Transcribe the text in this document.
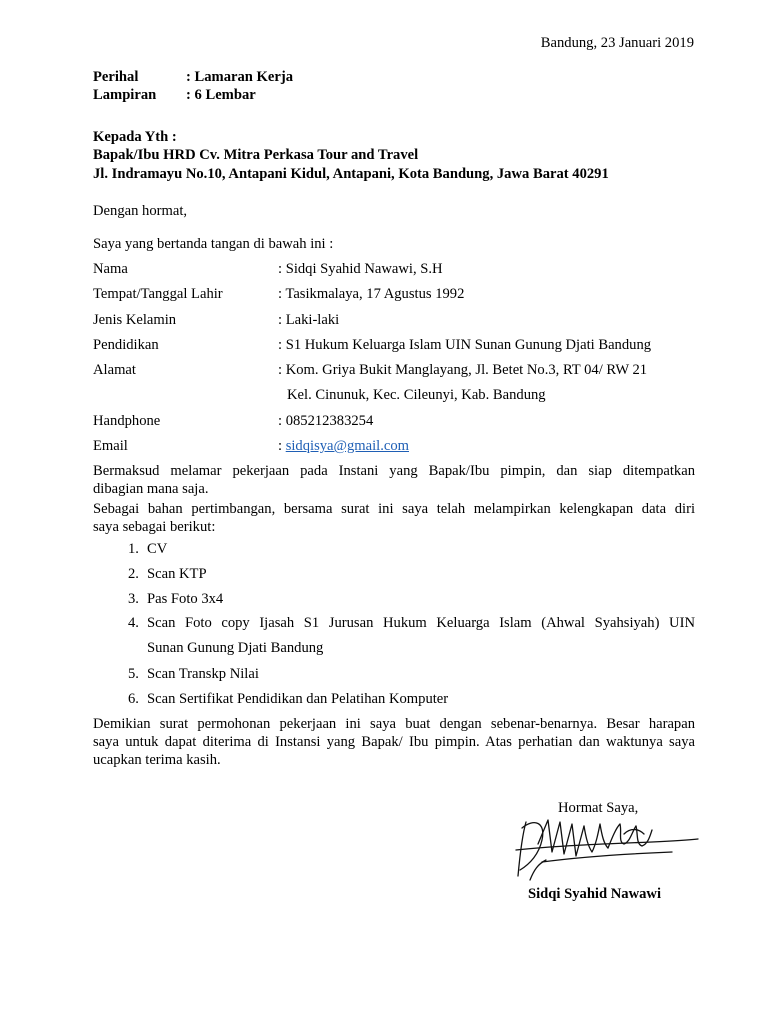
Bandung, 23 Januari 2019
Perihal	: Lamaran Kerja
Lampiran : 6 Lembar
Kepada Yth :
Bapak/Ibu HRD Cv. Mitra Perkasa Tour and Travel
Jl. Indramayu No.10, Antapani Kidul, Antapani, Kota Bandung, Jawa Barat 40291
Dengan hormat,
Saya yang bertanda tangan di bawah ini :
Nama	: Sidqi Syahid Nawawi, S.H
Tempat/Tanggal Lahir	: Tasikmalaya, 17 Agustus 1992
Jenis Kelamin	: Laki-laki
Pendidikan	: S1 Hukum Keluarga Islam UIN Sunan Gunung Djati Bandung
Alamat	: Kom. Griya Bukit Manglayang, Jl. Betet No.3, RT 04/ RW 21
Kel. Cinunuk, Kec. Cileunyi, Kab. Bandung
Handphone	: 085212383254
Email	: sidqisya@gmail.com
Bermaksud melamar pekerjaan pada Instani yang Bapak/Ibu pimpin, dan siap ditempatkan
dibagian mana saja.
Sebagai bahan pertimbangan, bersama surat ini saya telah melampirkan kelengkapan data diri
saya sebagai berikut:
1. CV
2. Scan KTP
3. Pas Foto 3x4
4. Scan Foto copy Ijasah S1 Jurusan Hukum Keluarga Islam (Ahwal Syahsiyah) UIN
Sunan Gunung Djati Bandung
5. Scan Transkp Nilai
6. Scan Sertifikat Pendidikan dan Pelatihan Komputer
Demikian surat permohonan pekerjaan ini saya buat dengan sebenar-benarnya. Besar harapan
saya untuk dapat diterima di Instansi yang Bapak/ Ibu pimpin. Atas perhatian dan waktunya saya
ucapkan terima kasih.
Hormat Saya,
Sidqi Syahid Nawawi
